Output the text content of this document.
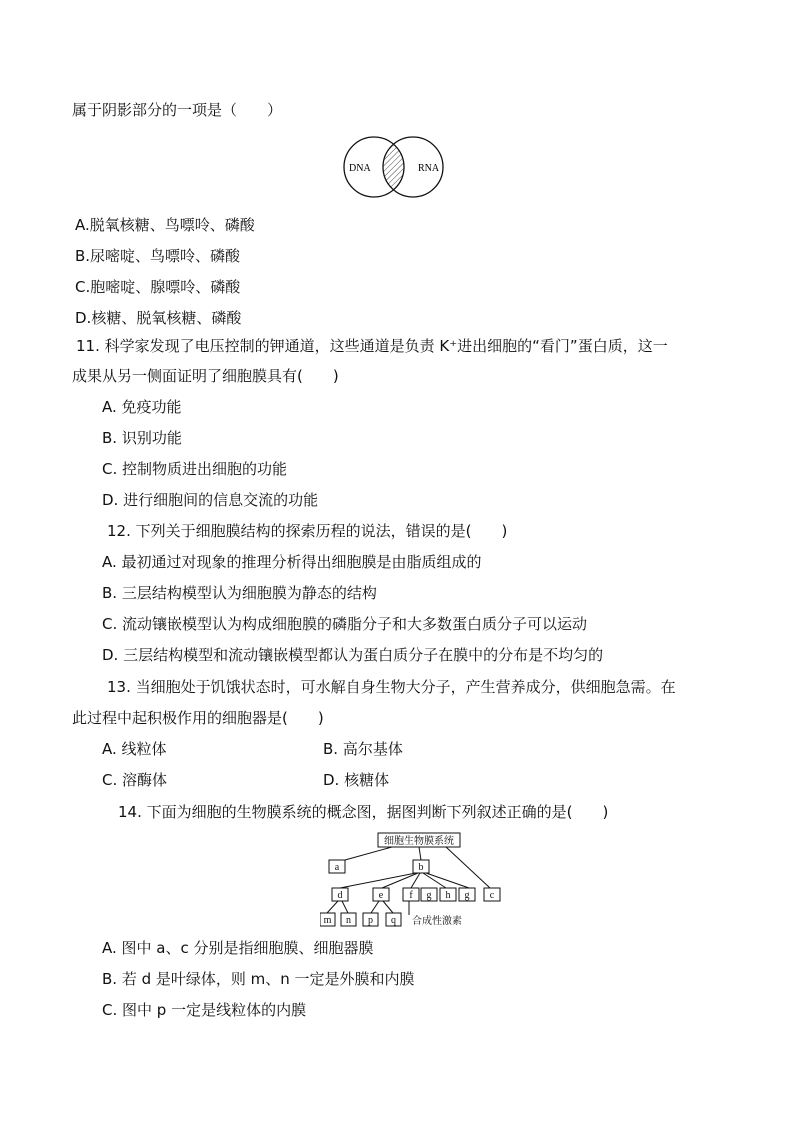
属于阴影部分的一项是（　　）
DNA	RNA
A.脱氧核糖、鸟嘌呤、磷酸
B.尿嘧啶、鸟嘌呤、磷酸
C.胞嘧啶、腺嘌呤、磷酸
D.核糖、脱氧核糖、磷酸
11. 科学家发现了电压控制的钾通道，这些通道是负责 K⁺进出细胞的“看门”蛋白质，这一
成果从另一侧面证明了细胞膜具有(　　)
A. 免疫功能
B. 识别功能
C. 控制物质进出细胞的功能
D. 进行细胞间的信息交流的功能
12. 下列关于细胞膜结构的探索历程的说法，错误的是(　　)
A. 最初通过对现象的推理分析得出细胞膜是由脂质组成的
B. 三层结构模型认为细胞膜为静态的结构
C. 流动镶嵌模型认为构成细胞膜的磷脂分子和大多数蛋白质分子可以运动
D. 三层结构模型和流动镶嵌模型都认为蛋白质分子在膜中的分布是不均匀的
13. 当细胞处于饥饿状态时，可水解自身生物大分子，产生营养成分，供细胞急需。在
此过程中起积极作用的细胞器是(　　)
A. 线粒体	B. 高尔基体
C. 溶酶体	D. 核糖体
14. 下面为细胞的生物膜系统的概念图，据图判断下列叙述正确的是(　　)
细胞生物膜系统
a	b
c
d	e	f g h g
m n p q 合成性激素
A. 图中 a、c 分别是指细胞膜、细胞器膜
B. 若 d 是叶绿体，则 m、n 一定是外膜和内膜
C. 图中 p 一定是线粒体的内膜
